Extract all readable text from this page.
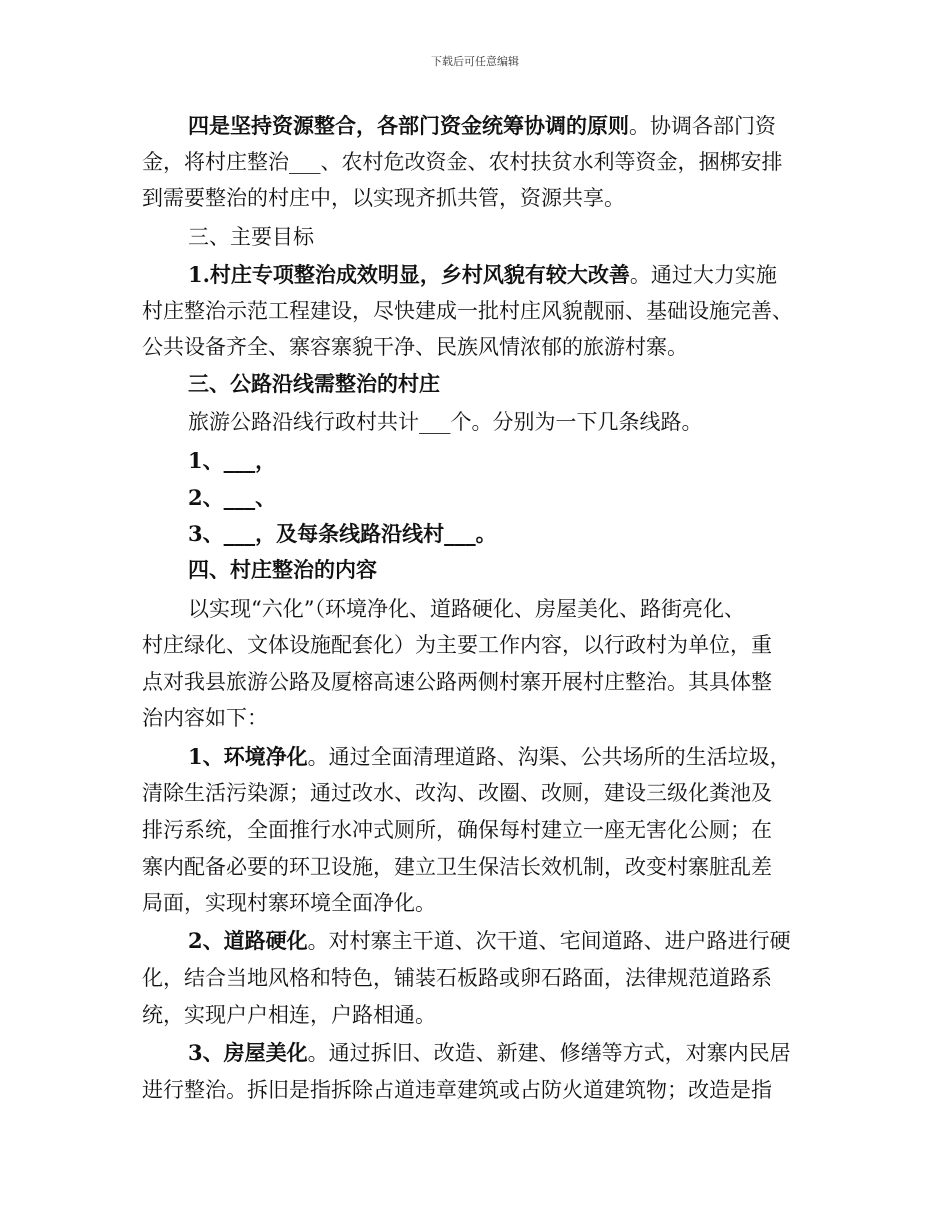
下载后可任意编辑
四是坚持资源整合，各部门资金统筹协调的原则。协调各部门资
金，将村庄整治___、农村危改资金、农村扶贫水利等资金，捆梆安排
到需要整治的村庄中，以实现齐抓共管，资源共享。
三、主要目标
1.村庄专项整治成效明显，乡村风貌有较大改善。通过大力实施
村庄整治示范工程建设，尽快建成一批村庄风貌靓丽、基础设施完善、
公共设备齐全、寨容寨貌干净、民族风情浓郁的旅游村寨。
三、公路沿线需整治的村庄
旅游公路沿线行政村共计___个。分别为一下几条线路。
1、___，
2、___、
3、___，及每条线路沿线村___。
四、村庄整治的内容
以实现“六化”（环境净化、道路硬化、房屋美化、路街亮化、
村庄绿化、文体设施配套化）为主要工作内容，以行政村为单位，重
点对我县旅游公路及厦榕高速公路两侧村寨开展村庄整治。其具体整
治内容如下：
1、环境净化。通过全面清理道路、沟渠、公共场所的生活垃圾，
清除生活污染源；通过改水、改沟、改圈、改厕，建设三级化粪池及
排污系统，全面推行水冲式厕所，确保每村建立一座无害化公厕；在
寨内配备必要的环卫设施，建立卫生保洁长效机制，改变村寨脏乱差
局面，实现村寨环境全面净化。
2、道路硬化。对村寨主干道、次干道、宅间道路、进户路进行硬
化，结合当地风格和特色，铺装石板路或卵石路面，法律规范道路系
统，实现户户相连，户路相通。
3、房屋美化。通过拆旧、改造、新建、修缮等方式，对寨内民居
进行整治。拆旧是指拆除占道违章建筑或占防火道建筑物；改造是指
